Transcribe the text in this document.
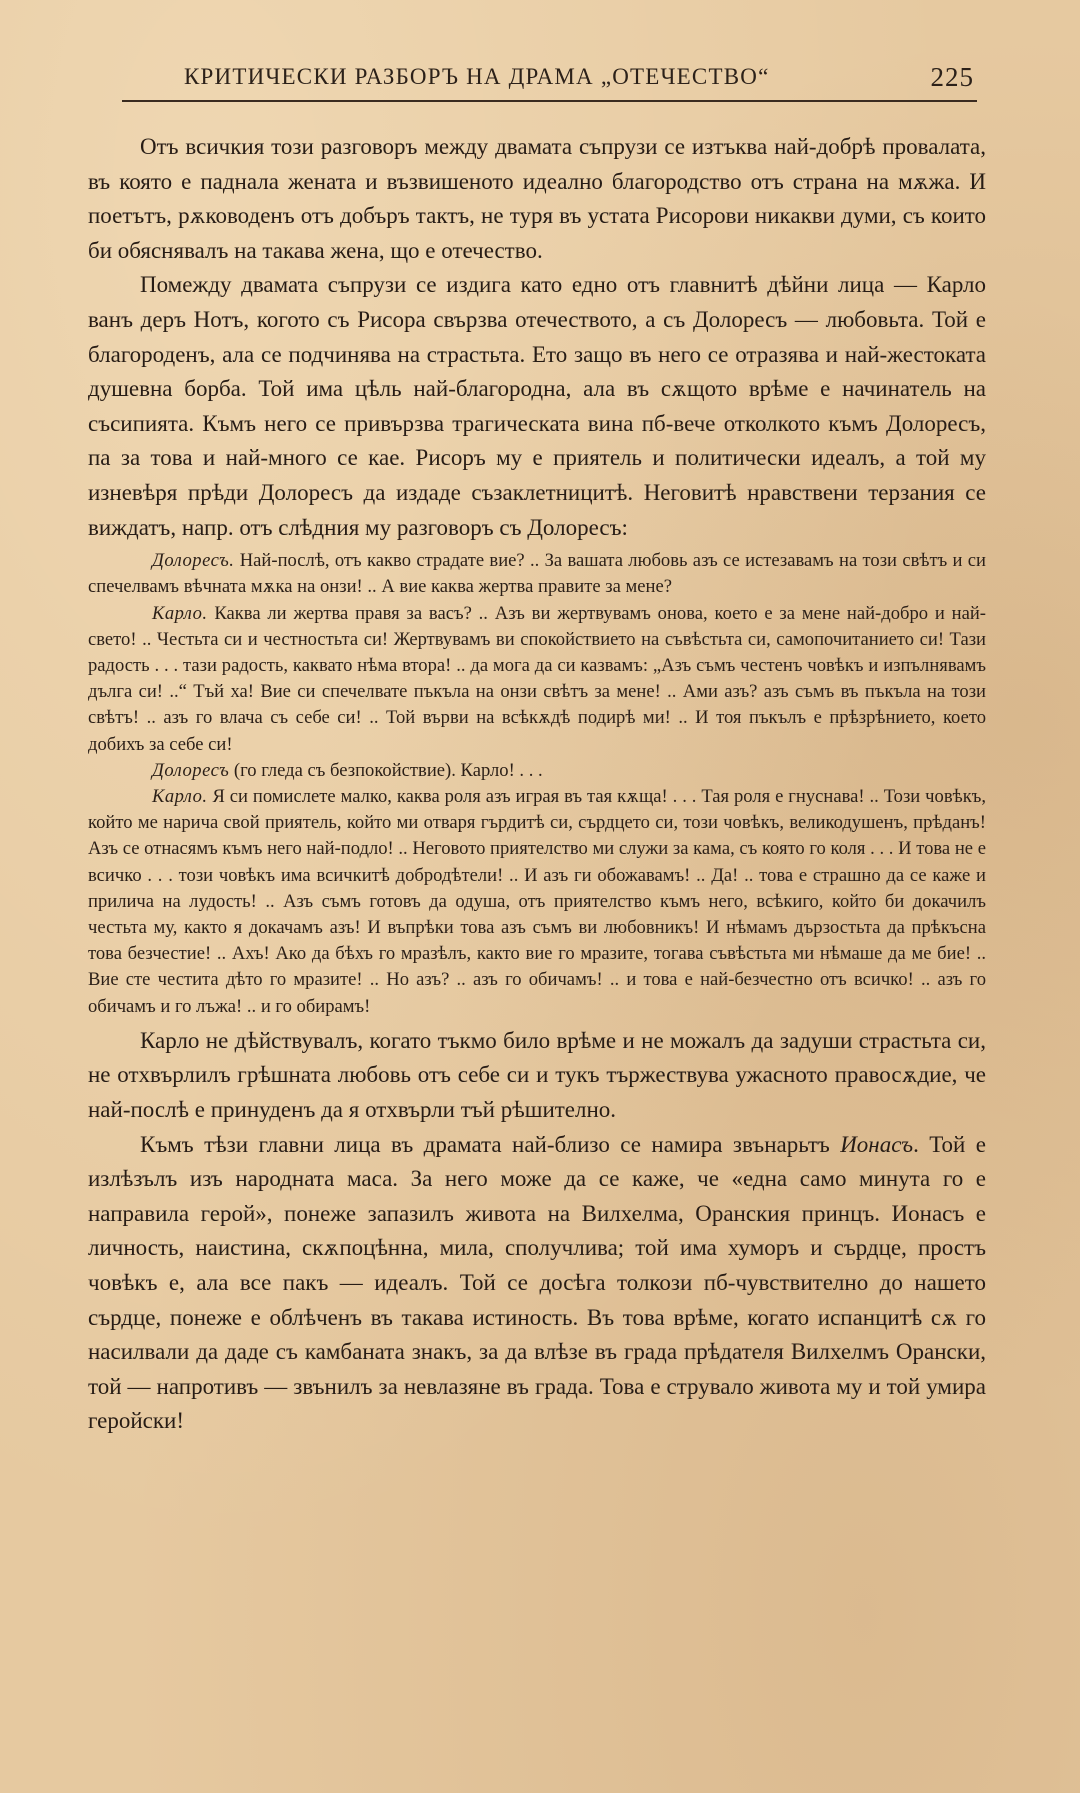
КРИТИЧЕСКИ РАЗБОРЪ НА ДРАМА „ОТЕЧЕСТВО“	225

Отъ всичкия този разговоръ между двамата съпрузи се изтъква най-добрѣ провалата, въ която е паднала жената и възвишеното идеално благородство отъ страна на мѫжа. И поетътъ, рѫководенъ отъ добъръ тактъ, не туря въ устата Рисорови никакви думи, съ които би обяснявалъ на такава жена, що е отечество.

Помежду двамата съпрузи се издига като едно отъ главнитѣ дѣйни лица — Карло ванъ деръ Нотъ, когото съ Рисора свързва отечеството, а съ Долоресъ — любовьта. Той е благороденъ, ала се подчинява на страстьта. Ето защо въ него се отразява и най-жестоката душевна борба. Той има цѣль най-благородна, ала въ сѫщото врѣме е начинатель на съсипията. Къмъ него се привързва трагическата вина пб-вече отколкото къмъ Долоресъ, па за това и най-много се кае. Рисоръ му е приятель и политически идеалъ, а той му изневѣря прѣди Долоресъ да издаде съзаклетницитѣ. Неговитѣ нравствени терзания се виждатъ, напр. отъ слѣдния му разговоръ съ Долоресъ:

Долоресъ. Най-послѣ, отъ какво страдате вие? .. За вашата любовь азъ се истезавамъ на този свѣтъ и си спечелвамъ вѣчната мѫка на онзи! .. А вие каква жертва правите за мене?

Карло. Каква ли жертва правя за васъ? .. Азъ ви жертвувамъ онова, което е за мене най-добро и най-свето! .. Честьта си и честностьта си! Жертвувамъ ви спокойствието на съвѣстьта си, самопочитанието си! Тази радость . . . тази радость, каквато нѣма втора! .. да мога да си казвамъ: „Азъ съмъ честенъ човѣкъ и изпълнявамъ дълга си! ..“ Тъй ха! Вие си спечелвате пъкъла на онзи свѣтъ за мене! .. Ами азъ? азъ съмъ въ пъкъла на този свѣтъ! .. азъ го влача съ себе си! .. Той върви на всѣкѫдѣ подирѣ ми! .. И тоя пъкълъ е прѣзрѣнието, което добихъ за себе си!

Долоресъ (го гледа съ безпокойствие). Карло! . . .

Карло. Я си помислете малко, каква роля азъ играя въ тая кѫща! . . . Тая роля е гнуснава! .. Този човѣкъ, който ме нарича свой приятель, който ми отваря гърдитѣ си, сърдцето си, този човѣкъ, великодушенъ, прѣданъ! Азъ се отнасямъ къмъ него най-подло! .. Неговото приятелство ми служи за кама, съ която го коля . . . И това не е всичко . . . този човѣкъ има всичкитѣ добродѣтели! .. И азъ ги обожавамъ! .. Да! .. това е страшно да се каже и прилича на лудость! .. Азъ съмъ готовъ да одуша, отъ приятелство къмъ него, всѣкиго, който би докачилъ честьта му, както я докачамъ азъ! И въпрѣки това азъ съмъ ви любовникъ! И нѣмамъ дързостьта да прѣкъсна това безчестие! .. Ахъ! Ако да бѣхъ го мразѣлъ, както вие го мразите, тогава съвѣстьта ми нѣмаше да ме бие! .. Вие сте честита дѣто го мразите! .. Но азъ? .. азъ го обичамъ! .. и това е най-безчестно отъ всичко! .. азъ го обичамъ и го лъжа! .. и го обирамъ!

Карло не дѣйствувалъ, когато тъкмо било врѣме и не можалъ да задуши страстьта си, не отхвърлилъ грѣшната любовь отъ себе си и тукъ тържествува ужасното правосѫдие, че най-послѣ е принуденъ да я отхвърли тъй рѣшително.

Къмъ тѣзи главни лица въ драмата най-близо се намира звънарьтъ Ионасъ. Той е излѣзълъ изъ народната маса. За него може да се каже, че «една само минута го е направила герой», понеже запазилъ живота на Вилхелма, Оранския принцъ. Ионасъ е личность, наистина, скѫпоцѣнна, мила, сполучлива; той има хуморъ и сърдце, простъ човѣкъ е, ала все пакъ — идеалъ. Той се досѣга толкози пб-чувствително до нашето сърдце, понеже е облѣченъ въ такава истиность. Въ това врѣме, когато испанцитѣ сѫ го насилвали да даде съ камбаната знакъ, за да влѣзе въ града прѣдателя Вилхелмъ Орански, той — напротивъ — звънилъ за невлазяне въ града. Това е струвало живота му и той умира геройски!
